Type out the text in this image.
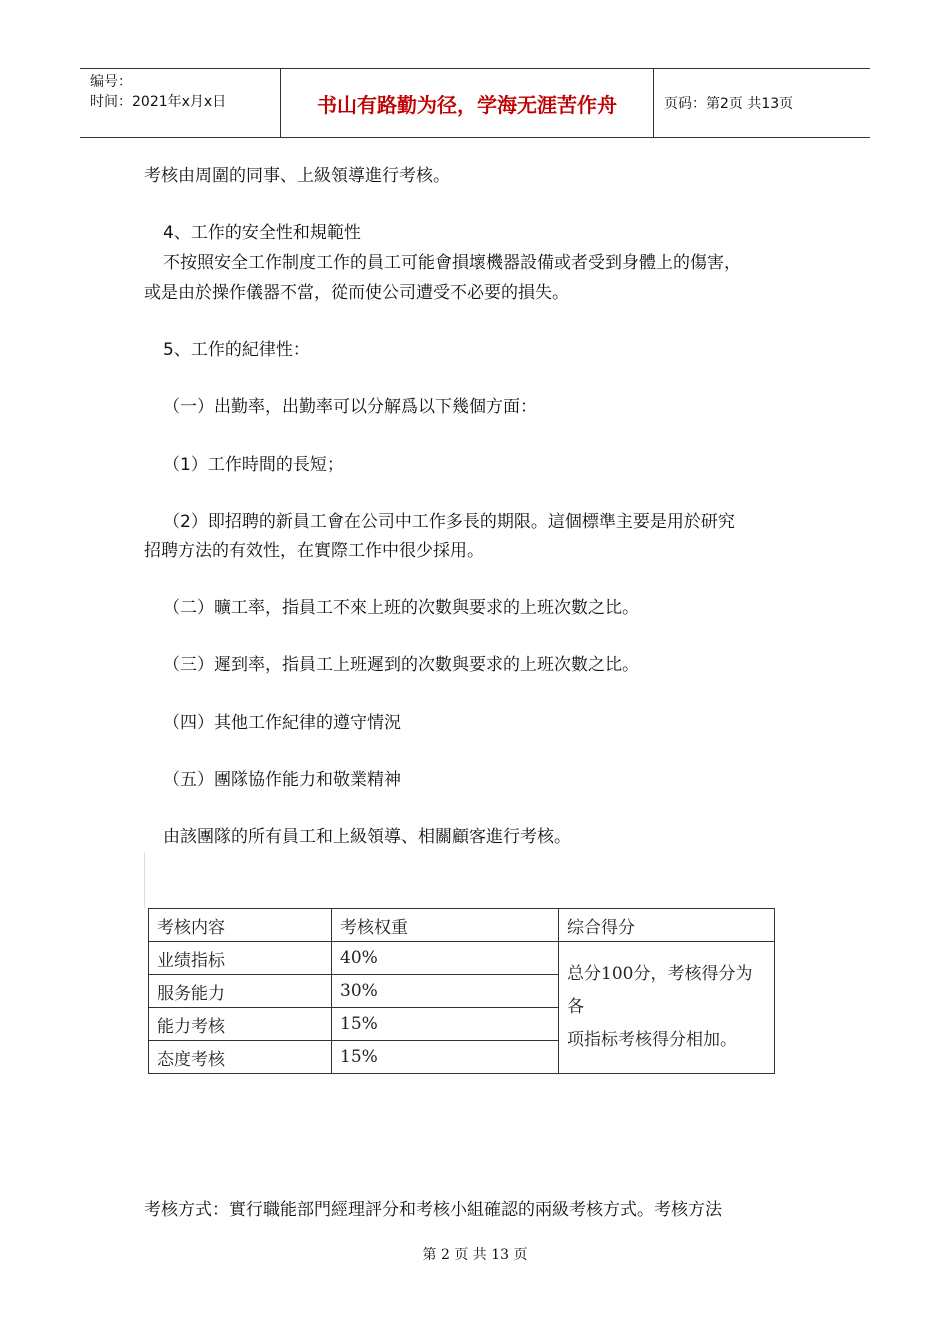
编号：
时间：2021年x月x日	书山有路勤为径，学海无涯苦作舟	页码：第2页 共13页
考核由周圍的同事、上級領導進行考核。
4、工作的安全性和規範性
不按照安全工作制度工作的員工可能會損壞機器設備或者受到身體上的傷害，
或是由於操作儀器不當，從而使公司遭受不必要的損失。
5、工作的紀律性：
（一）出勤率，出勤率可以分解爲以下幾個方面：
（1）工作時間的長短；
（2）即招聘的新員工會在公司中工作多長的期限。這個標準主要是用於研究
招聘方法的有效性，在實際工作中很少採用。
（二）曠工率，指員工不來上班的次數與要求的上班次數之比。
（三）遲到率，指員工上班遲到的次數與要求的上班次數之比。
（四）其他工作紀律的遵守情況
（五）團隊協作能力和敬業精神
由該團隊的所有員工和上級領導、相關顧客進行考核。
考核内容	考核权重	综合得分
业绩指标	40%	总分100分，考核得分为各
项指标考核得分相加。

服务能力	30%	
能力考核	15%	
态度考核	15%	
考核方式：實行職能部門經理評分和考核小組確認的兩級考核方式。考核方法
第 2 页 共 13 页
